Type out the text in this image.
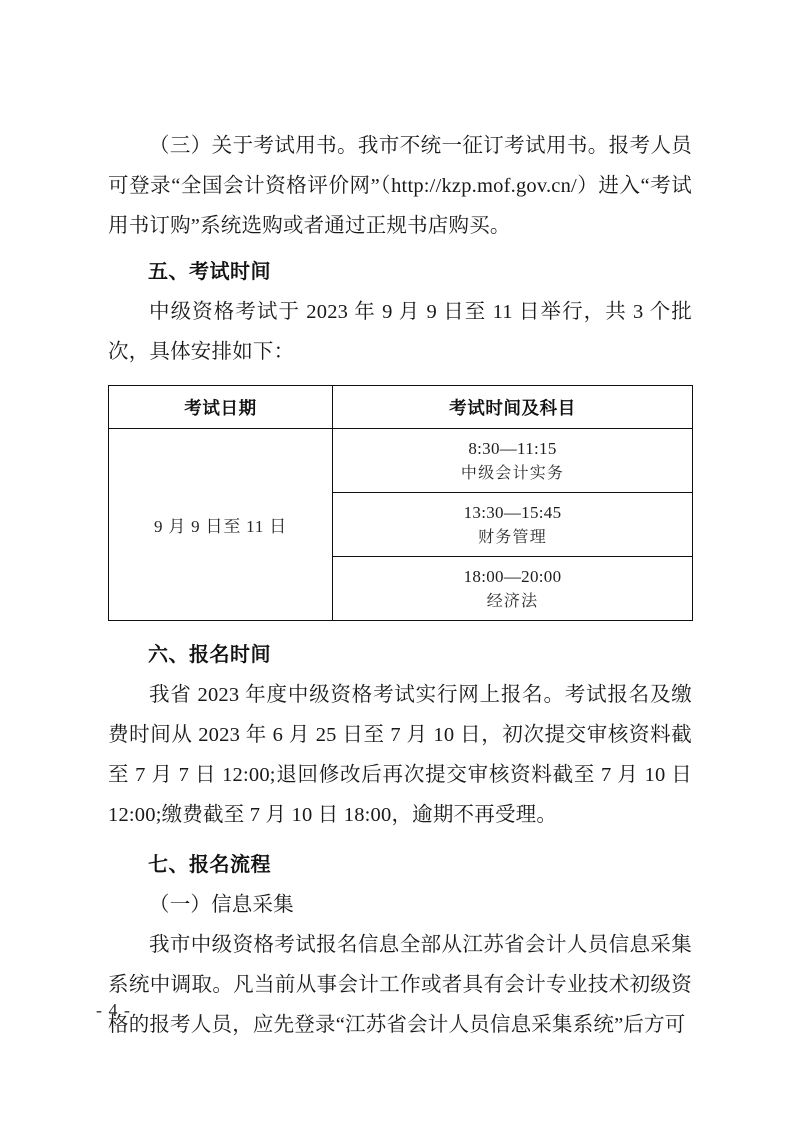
（三）关于考试用书。我市不统一征订考试用书。报考人员可登录“全国会计资格评价网”（http://kzp.mof.gov.cn/）进入“考试用书订购”系统选购或者通过正规书店购买。

五、考试时间

中级资格考试于 2023 年 9 月 9 日至 11 日举行，共 3 个批次，具体安排如下：

考试日期	考试时间及科目
9 月 9 日至 11 日	8:30—11:15
中级会计实务

	13:30—15:45
财务管理

	18:00—20:00
经济法
六、报名时间

我省 2023 年度中级资格考试实行网上报名。考试报名及缴费时间从 2023 年 6 月 25 日至 7 月 10 日，初次提交审核资料截至 7 月 7 日 12:00;退回修改后再次提交审核资料截至 7 月 10 日 12:00;缴费截至 7 月 10 日 18:00，逾期不再受理。

七、报名流程

（一）信息采集

我市中级资格考试报名信息全部从江苏省会计人员信息采集系统中调取。凡当前从事会计工作或者具有会计专业技术初级资格的报考人员，应先登录“江苏省会计人员信息采集系统”后方可

- 4 -
